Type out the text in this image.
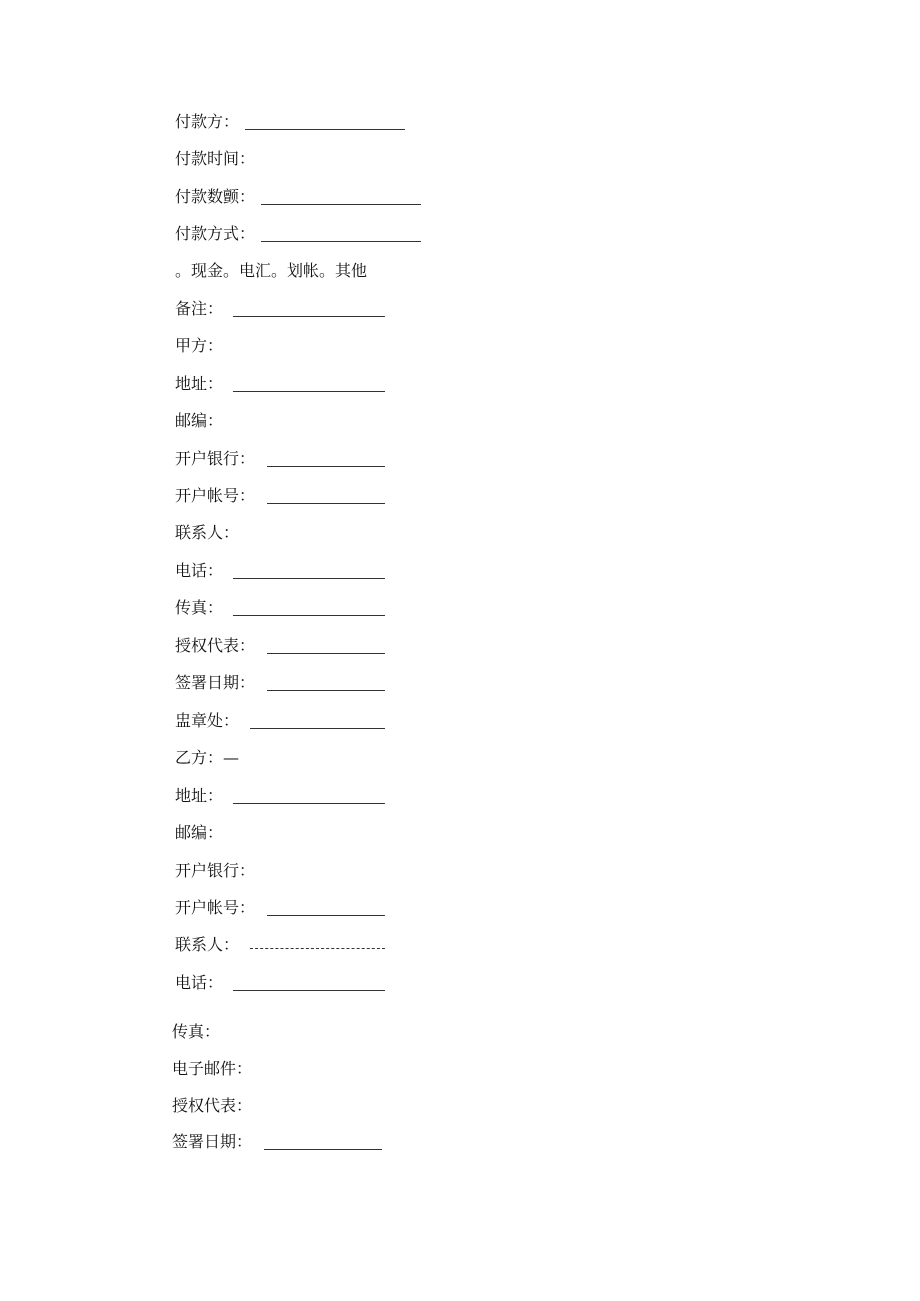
付款方：
付款时间：
付款数颤：
付款方式：
。现金。电汇。划帐。其他
备注：
甲方：
地址：
邮编：
开户银行：
开户帐号：
联系人：
电话：
传真：
授权代表：
签署日期：
盅章处：
乙方：—
地址：
邮编：
开户银行：
开户帐号：
联系人：
电话：
传真：
电子邮件：
授权代表：
签署日期：
